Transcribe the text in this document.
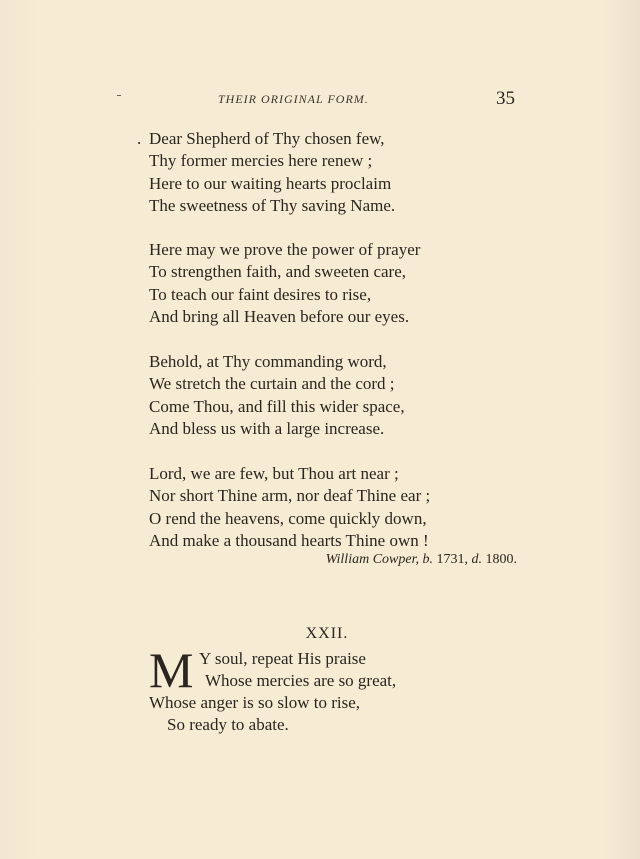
THEIR ORIGINAL FORM.	35
. Dear Shepherd of Thy chosen few,
Thy former mercies here renew ;
Here to our waiting hearts proclaim
The sweetness of Thy saving Name.
Here may we prove the power of prayer
To strengthen faith, and sweeten care,
To teach our faint desires to rise,
And bring all Heaven before our eyes.
Behold, at Thy commanding word,
We stretch the curtain and the cord ;
Come Thou, and fill this wider space,
And bless us with a large increase.
Lord, we are few, but Thou art near ;
Nor short Thine arm, nor deaf Thine ear ;
O rend the heavens, come quickly down,
And make a thousand hearts Thine own !
William Cowper, b. 1731, d. 1800.
XXII.
M Y soul, repeat His praise
Whose mercies are so great,
Whose anger is so slow to rise,
So ready to abate.
